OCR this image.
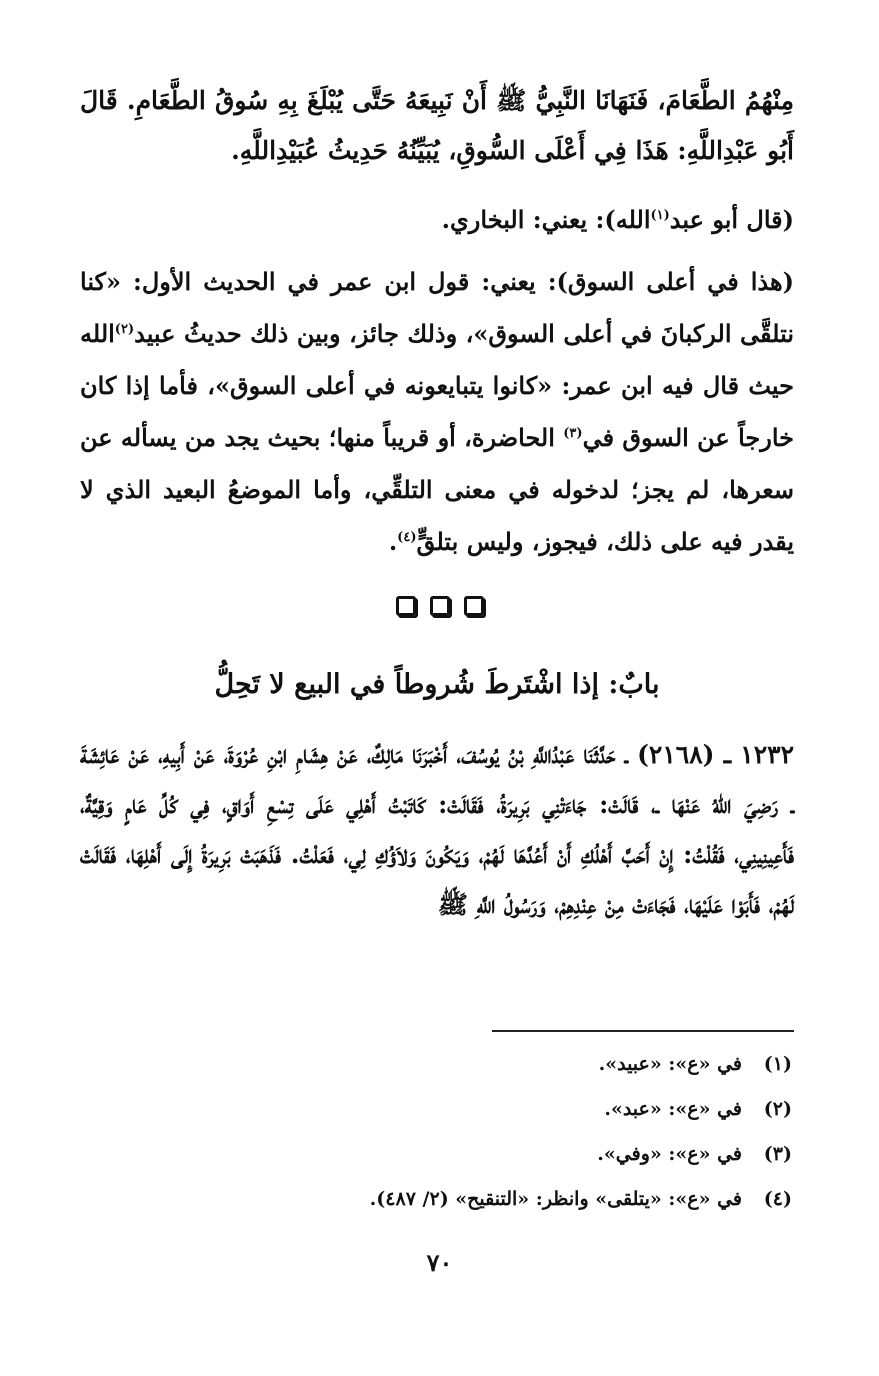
مِنْهُمُ الطَّعَامَ، فَنَهَانَا النَّبِيُّ ﷺ أَنْ نَبِيعَهُ حَتَّى يُبْلَغَ بِهِ سُوقُ الطَّعَامِ. قَالَ أَبُو عَبْدِاللَّهِ: هَذَا فِي أَعْلَى السُّوقِ، يُبَيِّنُهُ حَدِيثُ عُبَيْدِاللَّهِ.
(قال أبو عبد$^{(١)}$الله): يعني: البخاري.
(هذا في أعلى السوق): يعني: قول ابن عمر في الحديث الأول: «كنا نتلقَّى الركبانَ في أعلى السوق»، وذلك جائز، وبين ذلك حديثُ عبيد$^{(٢)}$الله حيث قال فيه ابن عمر: «كانوا يتبايعونه في أعلى السوق»، فأما إذا كان خارجاً عن السوق في$^{(٣)}$ الحاضرة، أو قريباً منها؛ بحيث يجد من يسأله عن سعرها، لم يجز؛ لدخوله في معنى التلقِّي، وأما الموضعُ البعيد الذي لا يقدر فيه على ذلك، فيجوز، وليس بتلقٍّ$^{(٤)}$.
بابٌ: إذا اشْتَرطَ شُروطاً في البيع لا تَحِلُّ
١٢٣٢ ـ (٢١٦٨) ـ حَدَّثَنَا عَبْدُاللَّهِ بْنُ يُوسُفَ، أَخْبَرَنَا مَالِكٌ، عَنْ هِشَامِ ابْنِ عُرْوَةَ، عَنْ أَبِيهِ، عَنْ عَائِشَةَ ـ رَضِيَ اللهُ عَنْهَا ـ، قَالَتْ: جَاءَتْنِي بَرِيرَةُ، فَقَالَتْ: كَاتَبْتُ أَهْلِي عَلَى تِسْعِ أَوَاقٍ، فِي كُلِّ عَامٍ وَقِيَّةٌ، فَأَعِينِينِي، فَقُلْتُ: إِنْ أَحَبَّ أَهْلُكِ أَنْ أَعُدَّهَا لَهُمْ، وَيَكُونَ وَلاَؤُكِ لِي، فَعَلْتُ. فَذَهَبَتْ بَرِيرَةُ إِلَى أَهْلِهَا، فَقَالَتْ لَهُمْ، فَأَبَوْا عَلَيْهَا، فَجَاءَتْ مِنْ عِنْدِهِمْ، وَرَسُولُ اللَّهِ ﷺ
(١)
في «ع»: «عبيد».
(٢)
في «ع»: «عبد».
(٣)
في «ع»: «وفي».
(٤)
في «ع»: «يتلقى» وانظر: «التنقيح» (٢/ ٤٨٧).
٧٠
